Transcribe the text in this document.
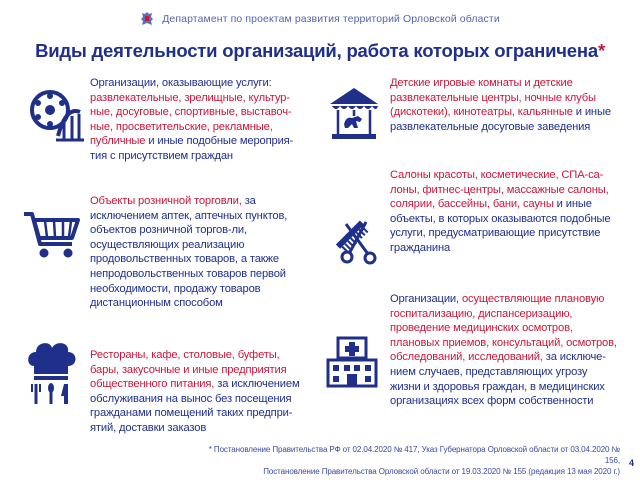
Департамент по проектам развития территорий Орловской области
Виды деятельности организаций, работа которых ограничена*
Организации, оказывающие услуги: развлекательные, зрелищные, культур-ные, досуговые, спортивные, выставоч-ные, просветительские, рекламные, публичные и иные подобные мероприя-тия с присутствием граждан
Объекты розничной торговли, за исключением аптек, аптечных пунктов, объектов розничной торгов-ли, осуществляющих реализацию продовольственных товаров, а также непродовольственных товаров первой необходимости, продажу товаров дистанционным способом
Рестораны, кафе, столовые, буфеты, бары, закусочные и иные предприятия общественного питания, за исключением обслуживания на вынос без посещения гражданами помещений таких предпри-ятий, доставки заказов
Детские игровые комнаты и детские развлекательные центры, ночные клубы (дискотеки), кинотеатры, кальянные и иные развлекательные досуговые заведения
Салоны красоты, косметические, СПА-са-лоны, фитнес-центры, массажные салоны, солярии, бассейны, бани, сауны и иные объекты, в которых оказываются подобные услуги, предусматривающие присутствие гражданина
Организации, осуществляющие плановую госпитализацию, диспансеризацию, проведение медицинских осмотров, плановых приемов, консультаций, осмотров, обследований, исследований, за исключе-нием случаев, представляющих угрозу жизни и здоровья граждан, в медицинских организациях всех форм собственности
* Постановление Правительства РФ от 02.04.2020 № 417, Указ Губернатора Орловской области от 03.04.2020 № 156,
Постановление Правительства Орловской области от 19.03.2020 № 155 (редакция 13 мая 2020 г.)
4
